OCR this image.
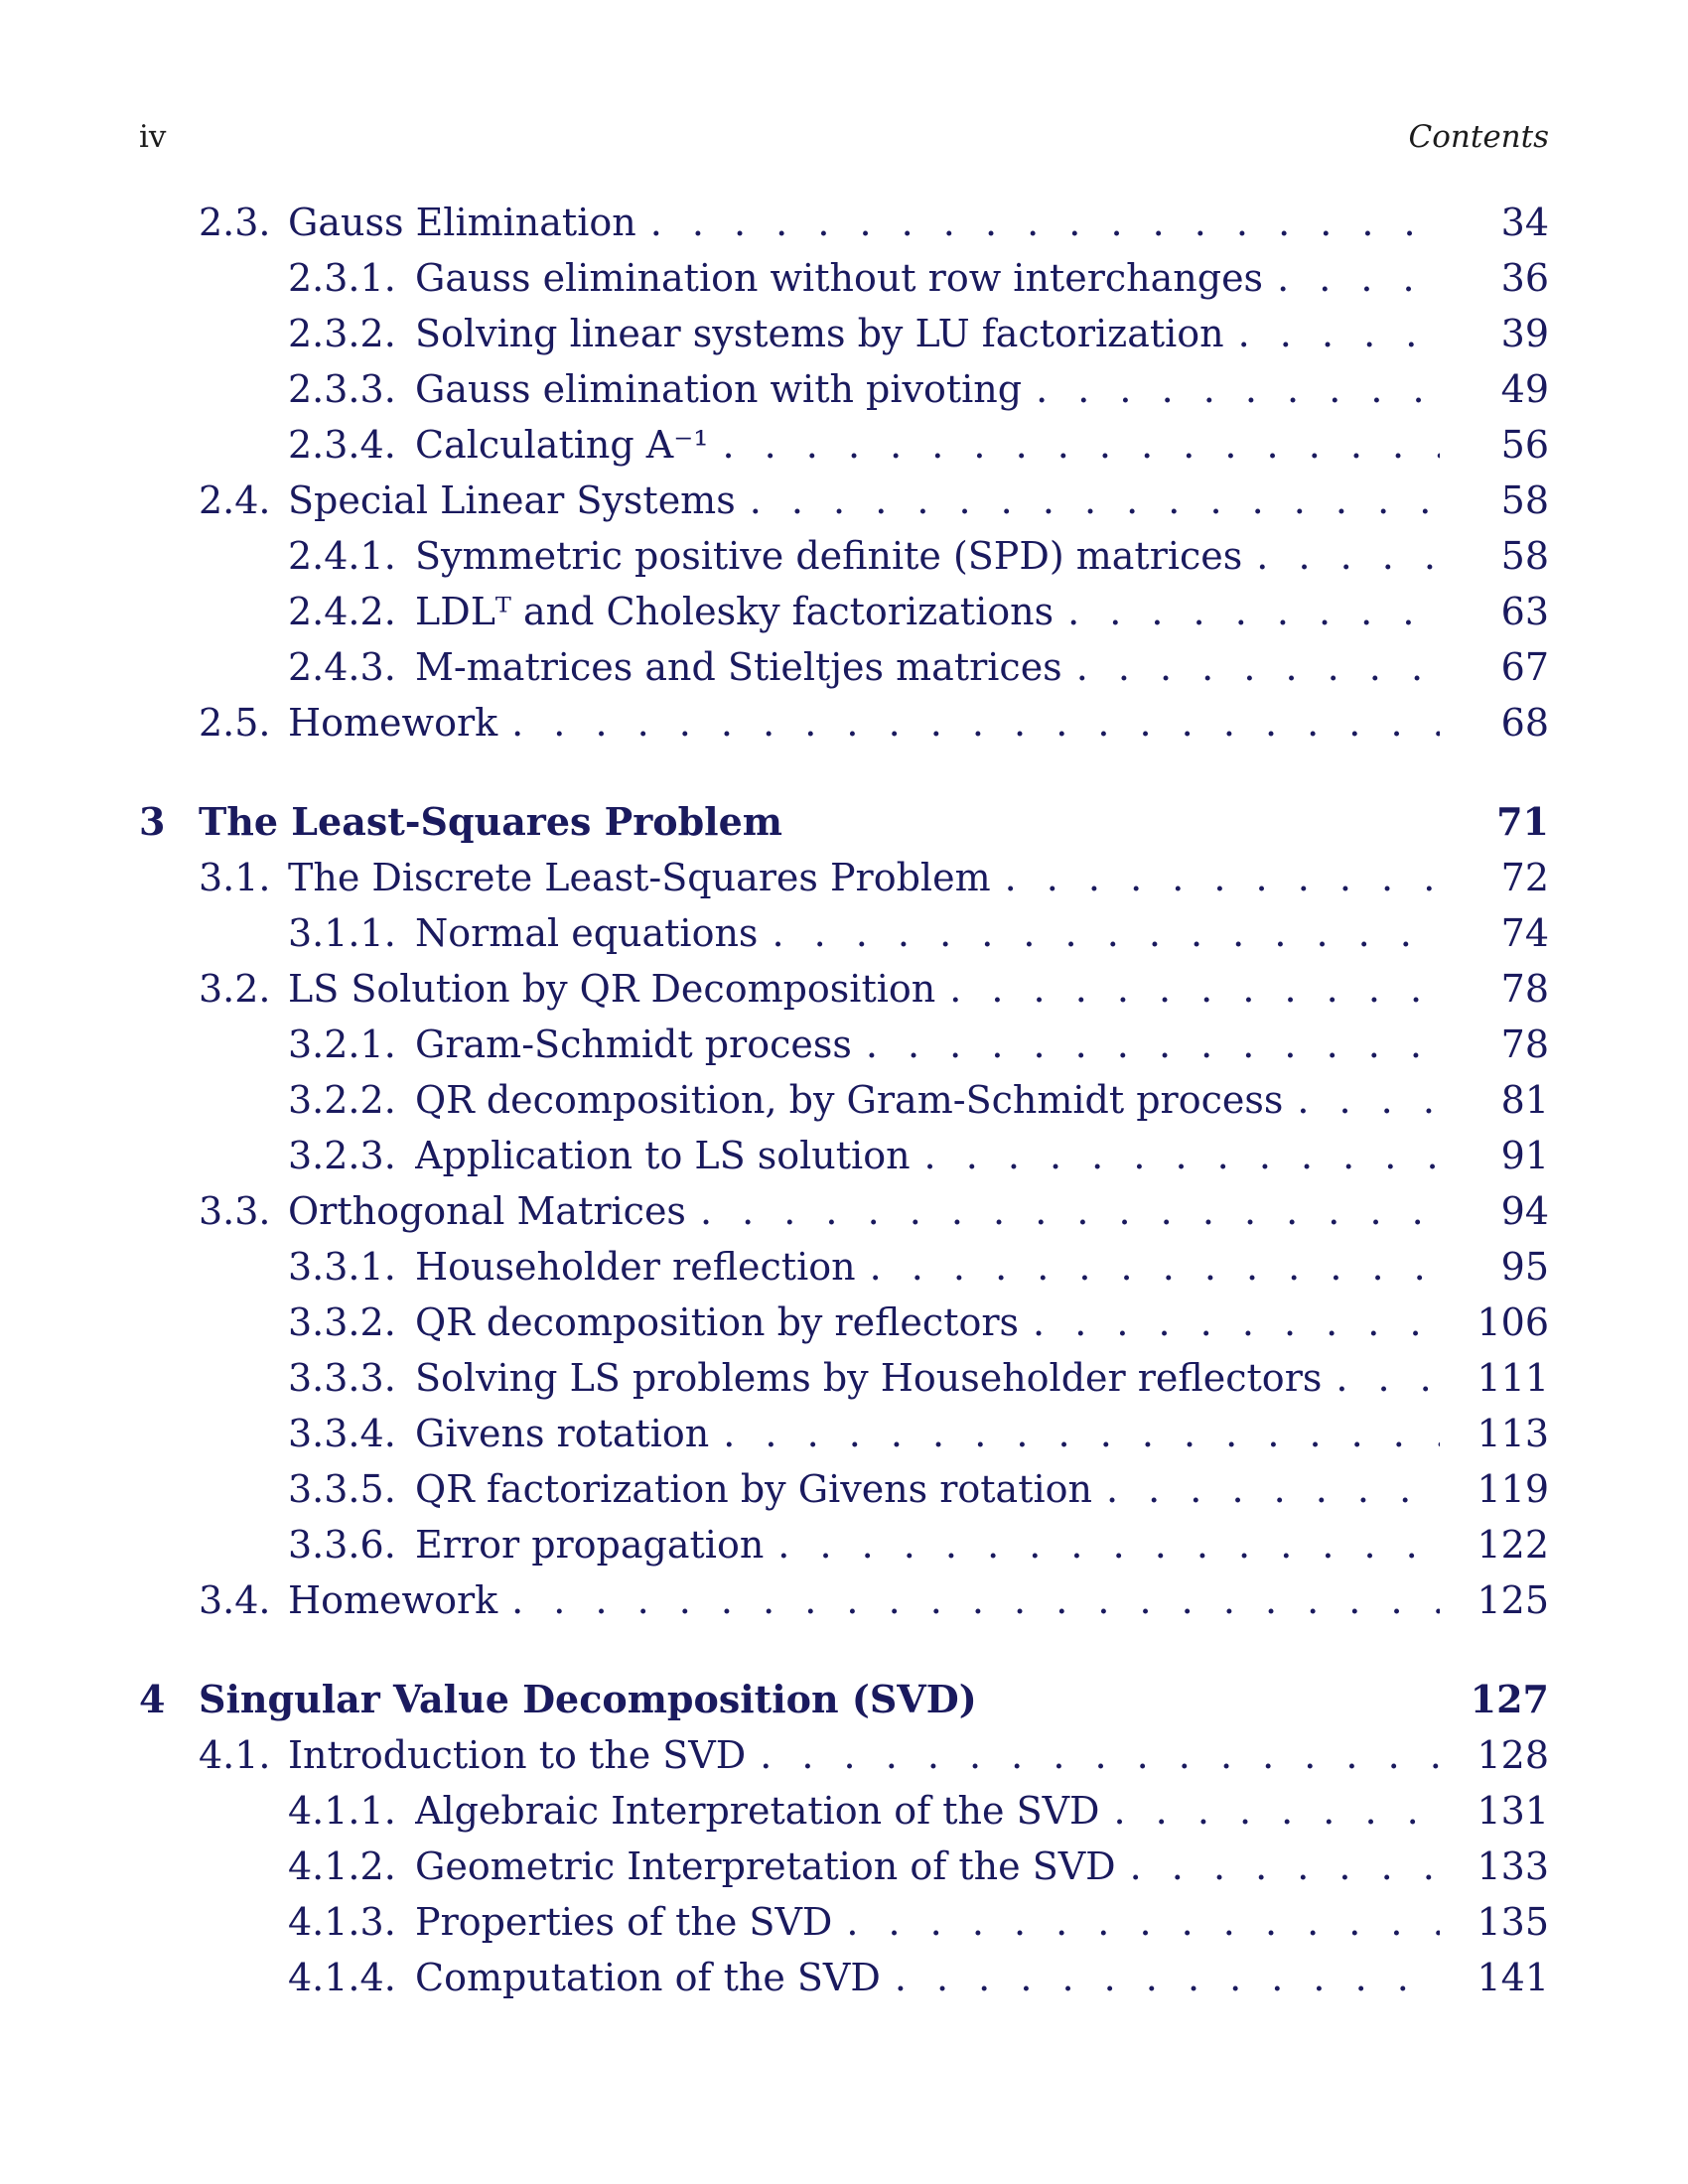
iv	Contents
2.3. Gauss Elimination . . .	34
2.3.1. Gauss elimination without row interchanges . . .	36
2.3.2. Solving linear systems by LU factorization . . .	39
2.3.3. Gauss elimination with pivoting . . .	49
2.3.4. Calculating A⁻¹ . . .	56
2.4. Special Linear Systems . . .	58
2.4.1. Symmetric positive definite (SPD) matrices . . .	58
2.4.2. LDLᵀ and Cholesky factorizations . . .	63
2.4.3. M-matrices and Stieltjes matrices . . .	67
2.5. Homework . . .	68
3 The Least-Squares Problem	71
3.1. The Discrete Least-Squares Problem . . .	72
3.1.1. Normal equations . . .	74
3.2. LS Solution by QR Decomposition . . .	78
3.2.1. Gram-Schmidt process . . .	78
3.2.2. QR decomposition, by Gram-Schmidt process . . .	81
3.2.3. Application to LS solution . . .	91
3.3. Orthogonal Matrices . . .	94
3.3.1. Householder reflection . . .	95
3.3.2. QR decomposition by reflectors . . .	106
3.3.3. Solving LS problems by Householder reflectors . . .	111
3.3.4. Givens rotation . . .	113
3.3.5. QR factorization by Givens rotation . . .	119
3.3.6. Error propagation . . .	122
3.4. Homework . . .	125
4 Singular Value Decomposition (SVD)	127
4.1. Introduction to the SVD . . .	128
4.1.1. Algebraic Interpretation of the SVD . . .	131
4.1.2. Geometric Interpretation of the SVD . . .	133
4.1.3. Properties of the SVD . . .	135
4.1.4. Computation of the SVD . . .	141
